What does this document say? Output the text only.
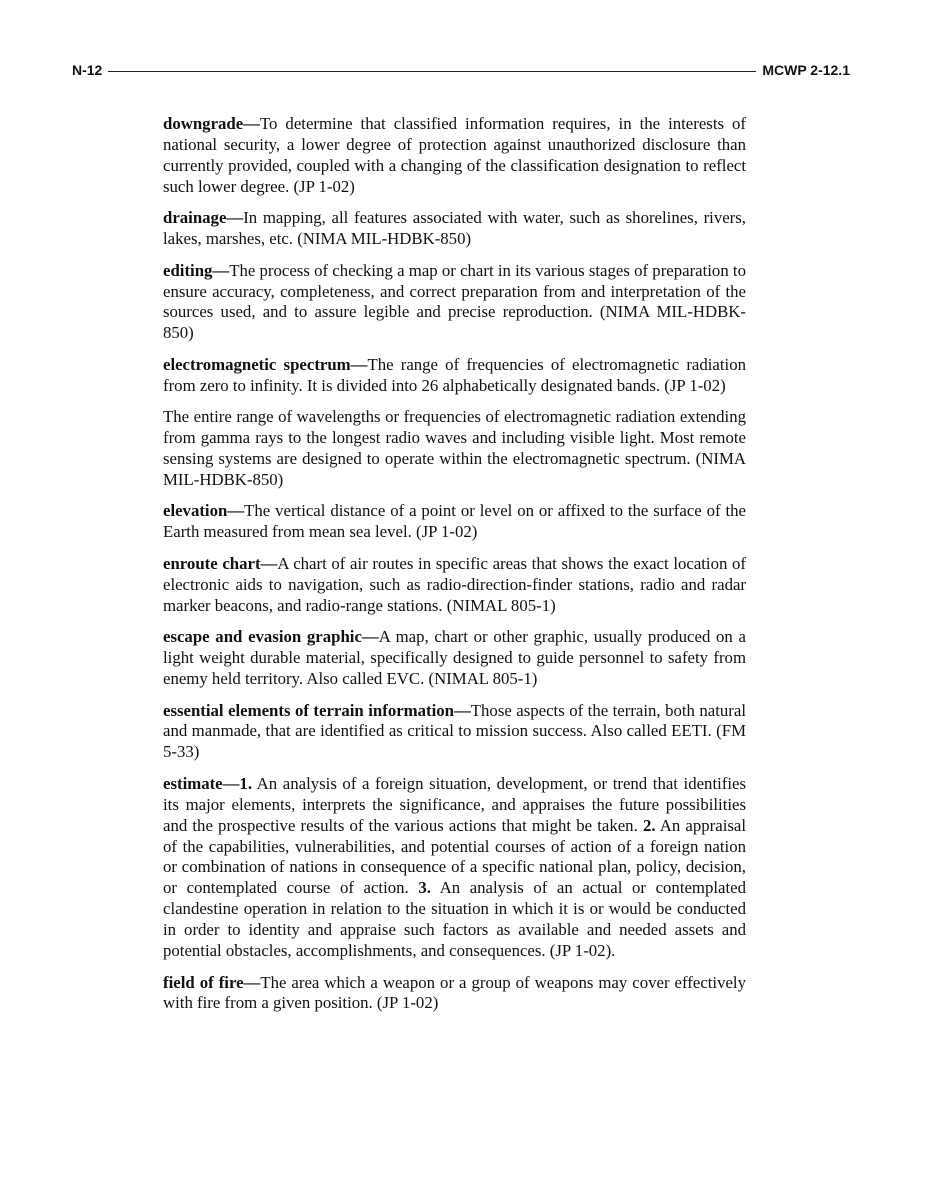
N-12	MCWP 2-12.1

downgrade—To determine that classified information requires, in the interests of national security, a lower degree of protection against unauthorized disclosure than currently provided, coupled with a changing of the classification designation to reflect such lower degree. (JP 1-02)

drainage—In mapping, all features associated with water, such as shorelines, rivers, lakes, marshes, etc. (NIMA MIL-HDBK-850)

editing—The process of checking a map or chart in its various stages of preparation to ensure accuracy, completeness, and correct preparation from and interpretation of the sources used, and to assure legible and precise reproduction. (NIMA MIL-HDBK-850)

electromagnetic spectrum—The range of frequencies of electromagnetic radiation from zero to infinity. It is divided into 26 alphabetically designated bands. (JP 1-02)

The entire range of wavelengths or frequencies of electromagnetic radiation extending from gamma rays to the longest radio waves and including visible light. Most remote sensing systems are designed to operate within the electromagnetic spectrum. (NIMA MIL-HDBK-850)

elevation—The vertical distance of a point or level on or affixed to the surface of the Earth measured from mean sea level. (JP 1-02)

enroute chart—A chart of air routes in specific areas that shows the exact location of electronic aids to navigation, such as radio-direction-finder stations, radio and radar marker beacons, and radio-range stations. (NIMAL 805-1)

escape and evasion graphic—A map, chart or other graphic, usually produced on a light weight durable material, specifically designed to guide personnel to safety from enemy held territory. Also called EVC. (NIMAL 805-1)

essential elements of terrain information—Those aspects of the terrain, both natural and manmade, that are identified as critical to mission success. Also called EETI. (FM 5-33)

estimate—1. An analysis of a foreign situation, development, or trend that identifies its major elements, interprets the significance, and appraises the future possibilities and the prospective results of the various actions that might be taken. 2. An appraisal of the capabilities, vulnerabilities, and potential courses of action of a foreign nation or combination of nations in consequence of a specific national plan, policy, decision, or contemplated course of action. 3. An analysis of an actual or contemplated clandestine operation in relation to the situation in which it is or would be conducted in order to identity and appraise such factors as available and needed assets and potential obstacles, accomplishments, and consequences. (JP 1-02).

field of fire—The area which a weapon or a group of weapons may cover effectively with fire from a given position. (JP 1-02)
